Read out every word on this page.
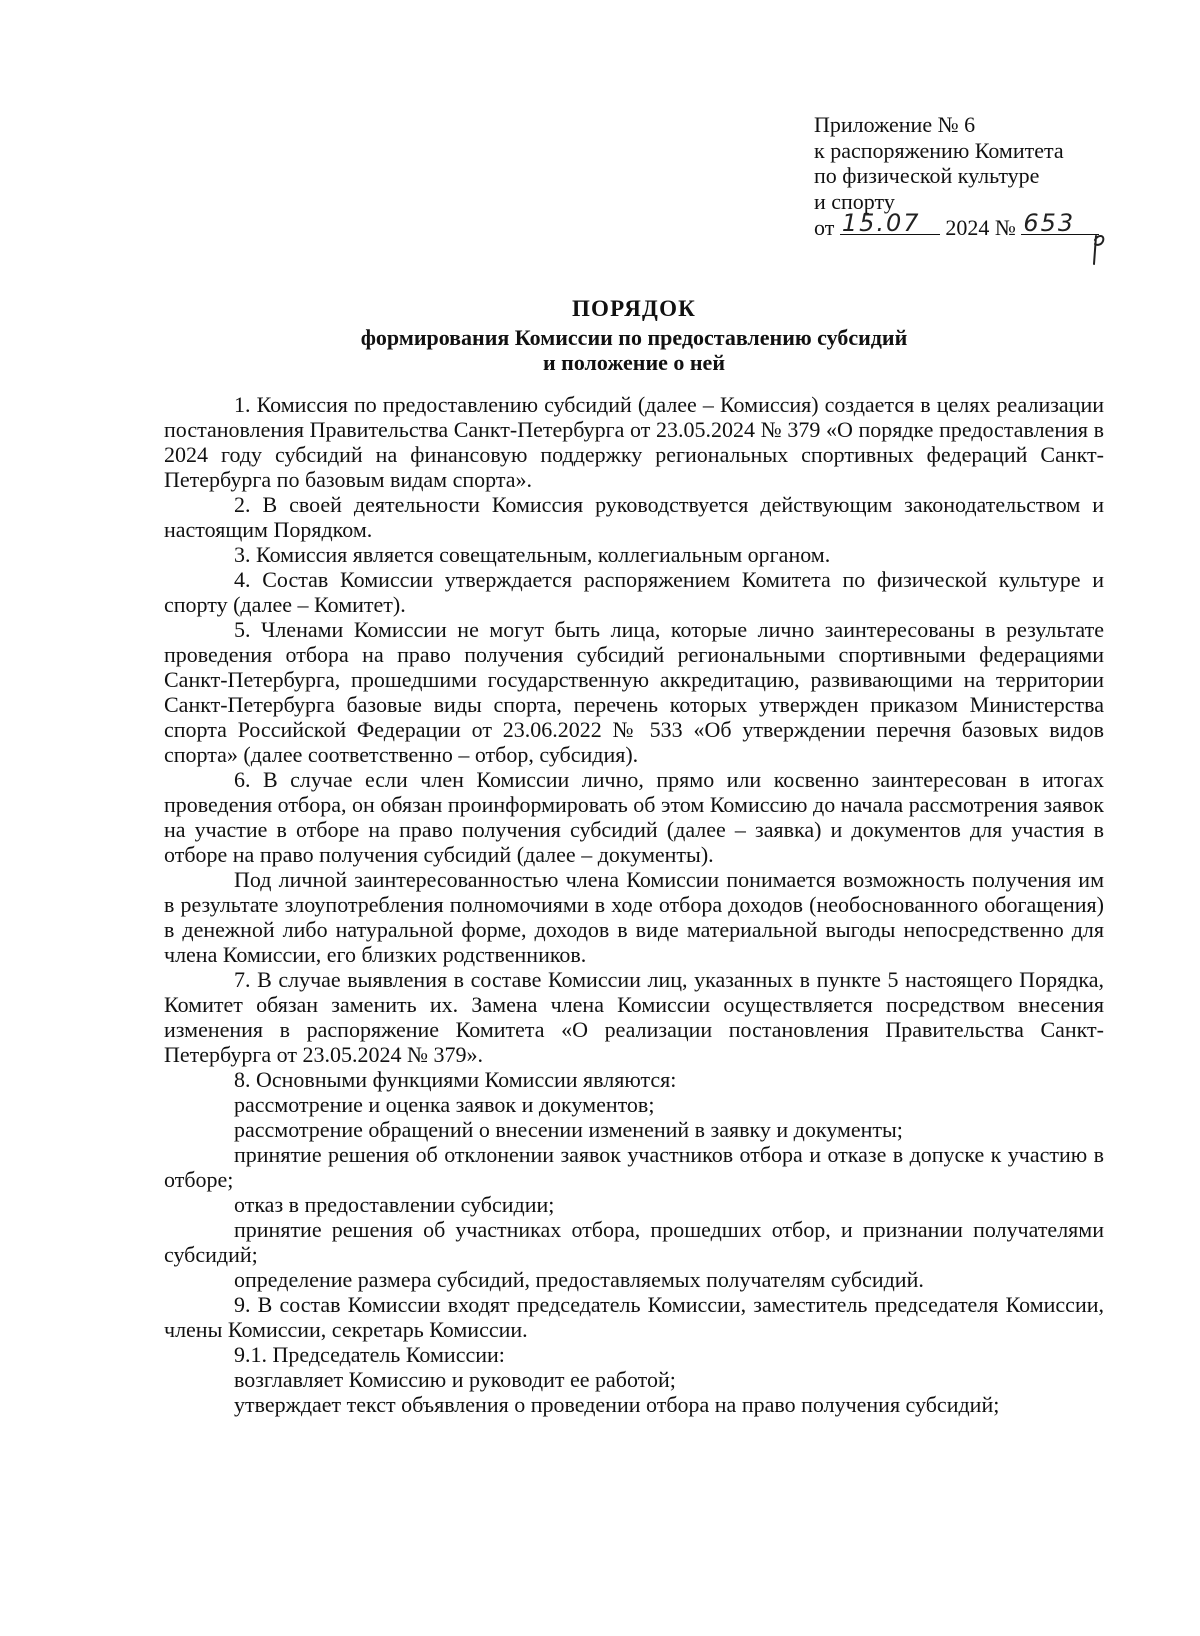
Приложение № 6
к распоряжению Комитета
по физической культуре
и спорту
от 15.07 2024 № 653
ПОРЯДОК
формирования Комиссии по предоставлению субсидий
и положение о ней

1. Комиссия по предоставлению субсидий (далее – Комиссия) создается в целях реализации постановления Правительства Санкт-Петербурга от 23.05.2024 № 379 «О порядке предоставления в 2024 году субсидий на финансовую поддержку региональных спортивных федераций Санкт-Петербурга по базовым видам спорта».

2. В своей деятельности Комиссия руководствуется действующим законодательством и настоящим Порядком.

3. Комиссия является совещательным, коллегиальным органом.

4. Состав Комиссии утверждается распоряжением Комитета по физической культуре и спорту (далее – Комитет).

5. Членами Комиссии не могут быть лица, которые лично заинтересованы в результате проведения отбора на право получения субсидий региональными спортивными федерациями Санкт-Петербурга, прошедшими государственную аккредитацию, развивающими на территории Санкт-Петербурга базовые виды спорта, перечень которых утвержден приказом Министерства спорта Российской Федерации от 23.06.2022 № 533 «Об утверждении перечня базовых видов спорта» (далее соответственно – отбор, субсидия).

6. В случае если член Комиссии лично, прямо или косвенно заинтересован в итогах проведения отбора, он обязан проинформировать об этом Комиссию до начала рассмотрения заявок на участие в отборе на право получения субсидий (далее – заявка) и документов для участия в отборе на право получения субсидий (далее – документы).

Под личной заинтересованностью члена Комиссии понимается возможность получения им в результате злоупотребления полномочиями в ходе отбора доходов (необоснованного обогащения) в денежной либо натуральной форме, доходов в виде материальной выгоды непосредственно для члена Комиссии, его близких родственников.

7. В случае выявления в составе Комиссии лиц, указанных в пункте 5 настоящего Порядка, Комитет обязан заменить их. Замена члена Комиссии осуществляется посредством внесения изменения в распоряжение Комитета «О реализации постановления Правительства Санкт-Петербурга от 23.05.2024 № 379».

8. Основными функциями Комиссии являются:

рассмотрение и оценка заявок и документов;

рассмотрение обращений о внесении изменений в заявку и документы;

принятие решения об отклонении заявок участников отбора и отказе в допуске к участию в отборе;

отказ в предоставлении субсидии;

принятие решения об участниках отбора, прошедших отбор, и признании получателями субсидий;

определение размера субсидий, предоставляемых получателям субсидий.

9. В состав Комиссии входят председатель Комиссии, заместитель председателя Комиссии, члены Комиссии, секретарь Комиссии.

9.1. Председатель Комиссии:

возглавляет Комиссию и руководит ее работой;

утверждает текст объявления о проведении отбора на право получения субсидий;
